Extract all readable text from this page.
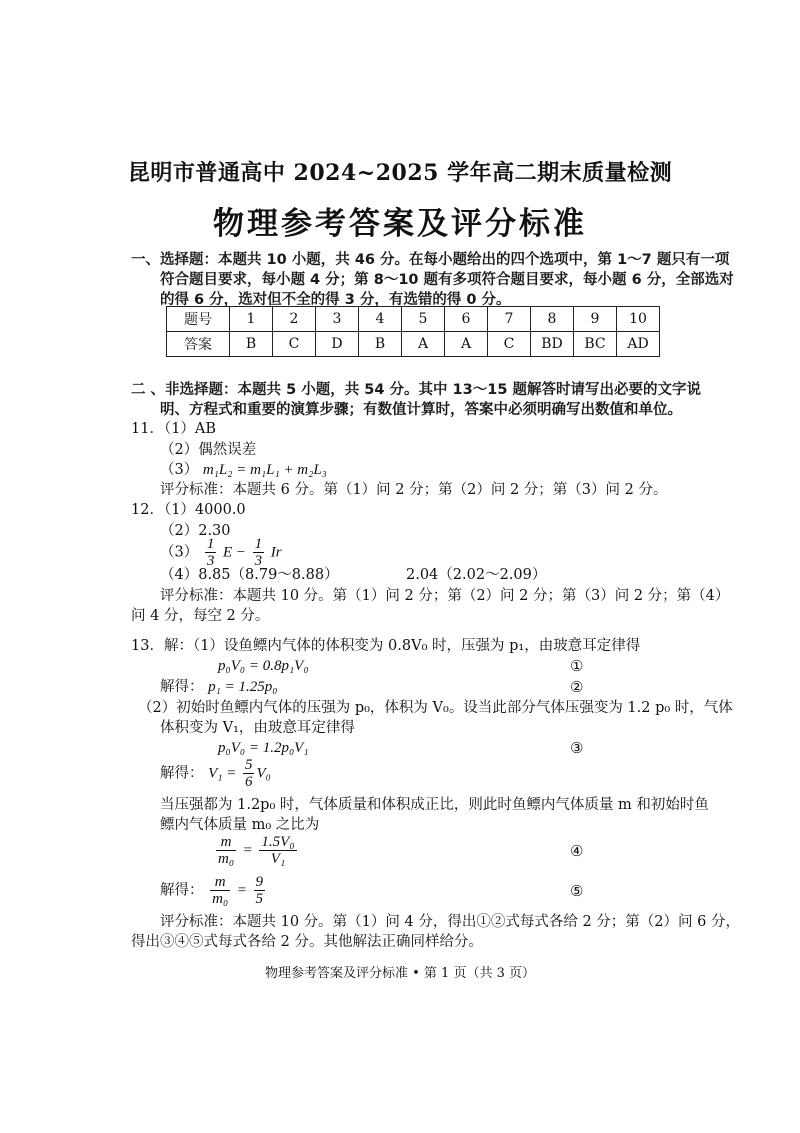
昆明市普通高中 2024~2025 学年高二期末质量检测
物理参考答案及评分标准
一、选择题：本题共 10 小题，共 46 分。在每小题给出的四个选项中，第 1～7 题只有一项
符合题目要求，每小题 4 分；第 8～10 题有多项符合题目要求，每小题 6 分，全部选对
的得 6 分，选对但不全的得 3 分，有选错的得 0 分。
题号	1	2	3	4	5	6	7	8	9	10
答案	B	C	D	B	A	A	C	BD	BC	AD
二 、非选择题：本题共 5 小题，共 54 分。其中 13～15 题解答时请写出必要的文字说
明、方程式和重要的演算步骤；有数值计算时，答案中必须明确写出数值和单位。
11．（1）AB
（2）偶然误差
（3） m₁L₂ = m₁L₁ + m₂L₃
评分标准：本题共 6 分。第（1）问 2 分；第（2）问 2 分；第（3）问 2 分。
12．（1）4000.0
（2）2.30
$(3) \frac{1}{3}$ $E - \frac{1}{3}$ Ir
（4）8.85（8.79～8.88）	2.04（2.02～2.09）
评分标准：本题共 10 分。第（1）问 2 分；第（2）问 2 分；第（3）问 2 分；第（4）
问 4 分，每空 2 分。
13．解：（1）设鱼鳔内气体的体积变为 0.8V₀ 时，压强为 p₁，由玻意耳定律得
p₀V₀ = 0.8p₁V₀	①
解得： p₁ = 1.25p₀	②
（2）初始时鱼鳔内气体的压强为 p₀，体积为 V₀。设当此部分气体压强变为 1.2 p₀ 时，气体
体积变为 V₁，由玻意耳定律得
p₀V₀ = 1.2p₀V₁	③
解得： $V_1 = \frac{5}{6} V_0$
当压强都为 1.2p₀ 时，气体质量和体积成正比，则此时鱼鳔内气体质量 m 和初始时鱼
鳔内气体质量 m₀ 之比为
$\frac{m}{\text{m₀}} = \frac{\text{1.5V₀}}{\text{V₁}}$	④
解得： $\frac{m}{\text{m₀}} = \frac{9}{5}$	⑤
评分标准：本题共 10 分。第（1）问 4 分，得出①②式每式各给 2 分；第（2）问 6 分，
得出③④⑤式每式各给 2 分。其他解法正确同样给分。
物理参考答案及评分标准 • 第 1 页（共 3 页）
